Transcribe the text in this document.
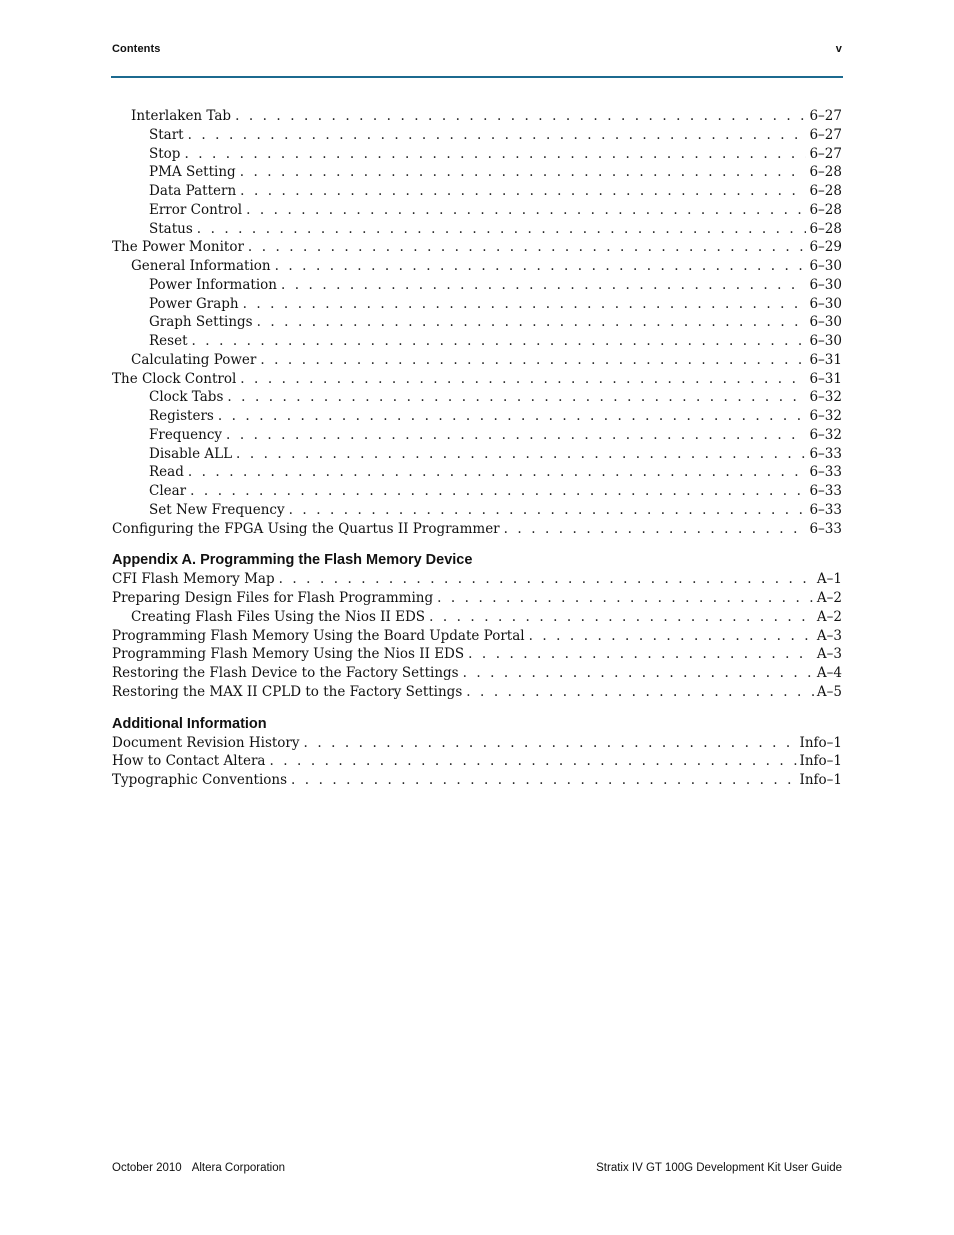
Contents	v
Interlaken Tab . . .	6–27
Start . . .	6–27
Stop . . .	6–27
PMA Setting . . .	6–28
Data Pattern . . .	6–28
Error Control . . .	6–28
Status . . .	6–28
The Power Monitor . . .	6–29
General Information . . .	6–30
Power Information . . .	6–30
Power Graph . . .	6–30
Graph Settings . . .	6–30
Reset . . .	6–30
Calculating Power . . .	6–31
The Clock Control . . .	6–31
Clock Tabs . . .	6–32
Registers . . .	6–32
Frequency . . .	6–32
Disable ALL . . .	6–33
Read . . .	6–33
Clear . . .	6–33
Set New Frequency . . .	6–33
Configuring the FPGA Using the Quartus II Programmer . . .	6–33
Appendix A. Programming the Flash Memory Device
CFI Flash Memory Map . . .	A–1
Preparing Design Files for Flash Programming . . .	A–2
Creating Flash Files Using the Nios II EDS . . .	A–2
Programming Flash Memory Using the Board Update Portal . . .	A–3
Programming Flash Memory Using the Nios II EDS . . .	A–3
Restoring the Flash Device to the Factory Settings . . .	A–4
Restoring the MAX II CPLD to the Factory Settings . . .	A–5
Additional Information
Document Revision History . . .	Info–1
How to Contact Altera . . .	Info–1
Typographic Conventions . . .	Info–1
October 2010 Altera Corporation	Stratix IV GT 100G Development Kit User Guide
